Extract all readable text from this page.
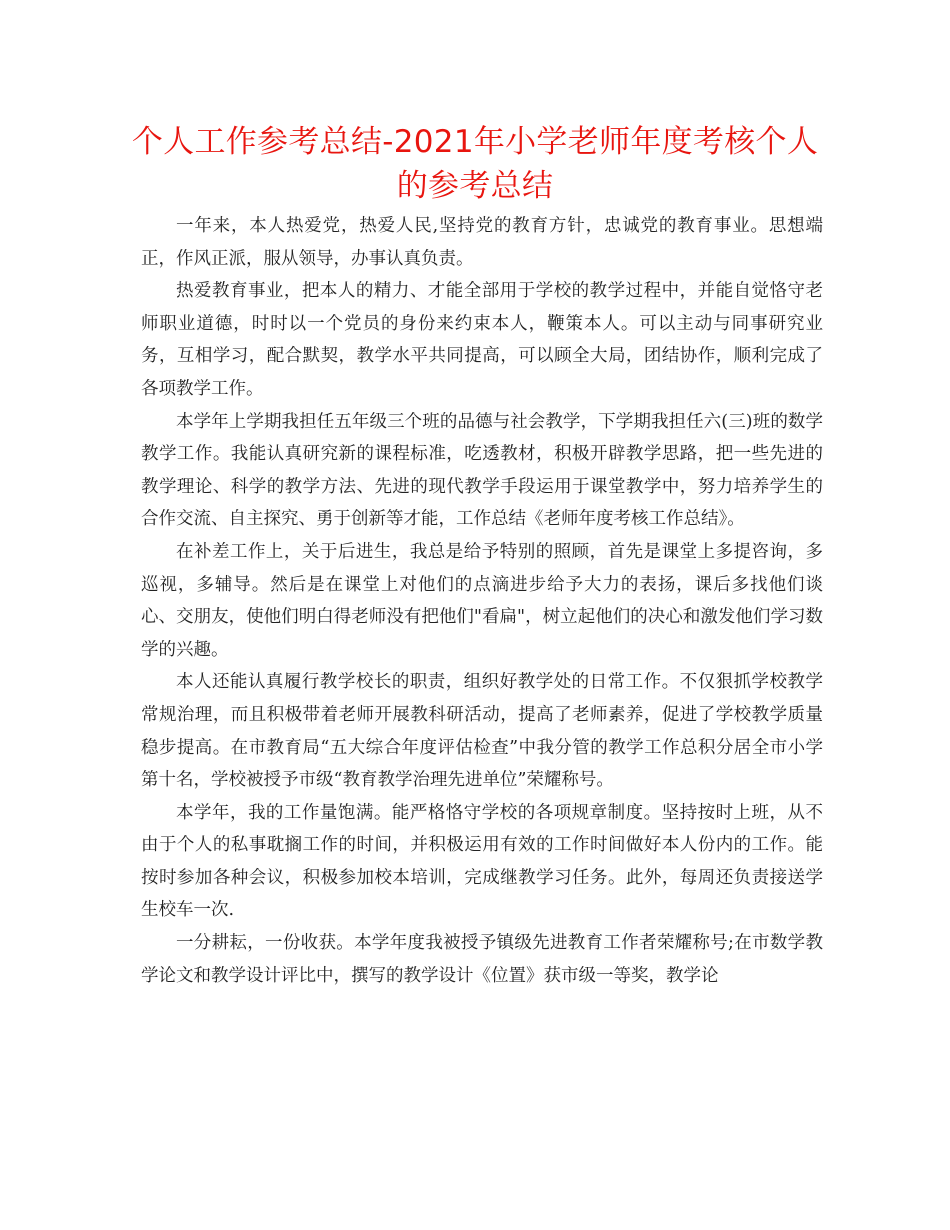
个人工作参考总结-2021年小学老师年度考核个人的参考总结

一年来，本人热爱党，热爱人民,坚持党的教育方针，忠诚党的教育事业。思想端正，作风正派，服从领导，办事认真负责。

热爱教育事业，把本人的精力、才能全部用于学校的教学过程中，并能自觉恪守老师职业道德，时时以一个党员的身份来约束本人，鞭策本人。可以主动与同事研究业务，互相学习，配合默契，教学水平共同提高，可以顾全大局，团结协作，顺利完成了各项教学工作。

本学年上学期我担任五年级三个班的品德与社会教学，下学期我担任六(三)班的数学教学工作。我能认真研究新的课程标准，吃透教材，积极开辟教学思路，把一些先进的教学理论、科学的教学方法、先进的现代教学手段运用于课堂教学中，努力培养学生的合作交流、自主探究、勇于创新等才能，工作总结《老师年度考核工作总结》。

在补差工作上，关于后进生，我总是给予特别的照顾，首先是课堂上多提咨询，多巡视，多辅导。然后是在课堂上对他们的点滴进步给予大力的表扬，课后多找他们谈心、交朋友，使他们明白得老师没有把他们"看扁"，树立起他们的决心和激发他们学习数学的兴趣。

本人还能认真履行教学校长的职责，组织好教学处的日常工作。不仅狠抓学校教学常规治理，而且积极带着老师开展教科研活动，提高了老师素养，促进了学校教学质量稳步提高。在市教育局“五大综合年度评估检查”中我分管的教学工作总积分居全市小学第十名，学校被授予市级“教育教学治理先进单位”荣耀称号。

本学年，我的工作量饱满。能严格恪守学校的各项规章制度。坚持按时上班，从不由于个人的私事耽搁工作的时间，并积极运用有效的工作时间做好本人份内的工作。能按时参加各种会议，积极参加校本培训，完成继教学习任务。此外，每周还负责接送学生校车一次.

一分耕耘，一份收获。本学年度我被授予镇级先进教育工作者荣耀称号;在市数学教学论文和教学设计评比中，撰写的教学设计《位置》获市级一等奖，教学论
